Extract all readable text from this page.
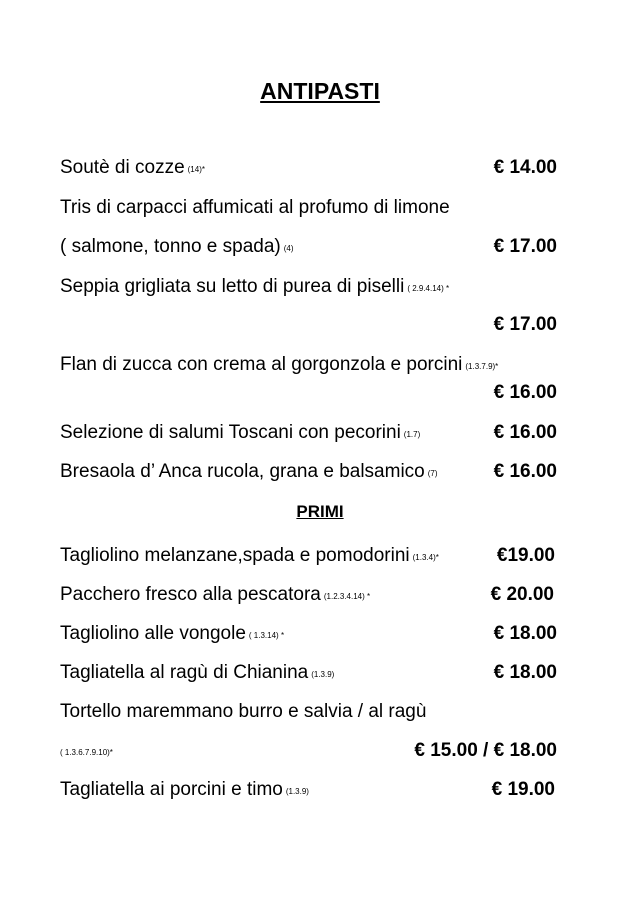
ANTIPASTI
Soutè di cozze (14)*	€ 14.00
Tris di carpacci affumicati al profumo di limone
( salmone, tonno e spada) (4)	€ 17.00
Seppia grigliata su letto di purea di piselli ( 2.9.4.14) *
€ 17.00
Flan di zucca con crema al gorgonzola e porcini (1.3.7.9)*
€ 16.00
Selezione di salumi Toscani con pecorini (1.7)	€ 16.00
Bresaola d’ Anca rucola, grana e balsamico (7)	€ 16.00
PRIMI
Tagliolino melanzane,spada e pomodorini (1.3.4)*	€19.00
Pacchero fresco alla pescatora (1.2.3.4.14) *	€ 20.00
Tagliolino alle vongole ( 1.3.14) *	€ 18.00
Tagliatella al ragù di Chianina (1.3.9)	€ 18.00
Tortello maremmano burro e salvia / al ragù
( 1.3.6.7.9.10)*	€ 15.00 / € 18.00
Tagliatella ai porcini e timo (1.3.9)	€ 19.00
